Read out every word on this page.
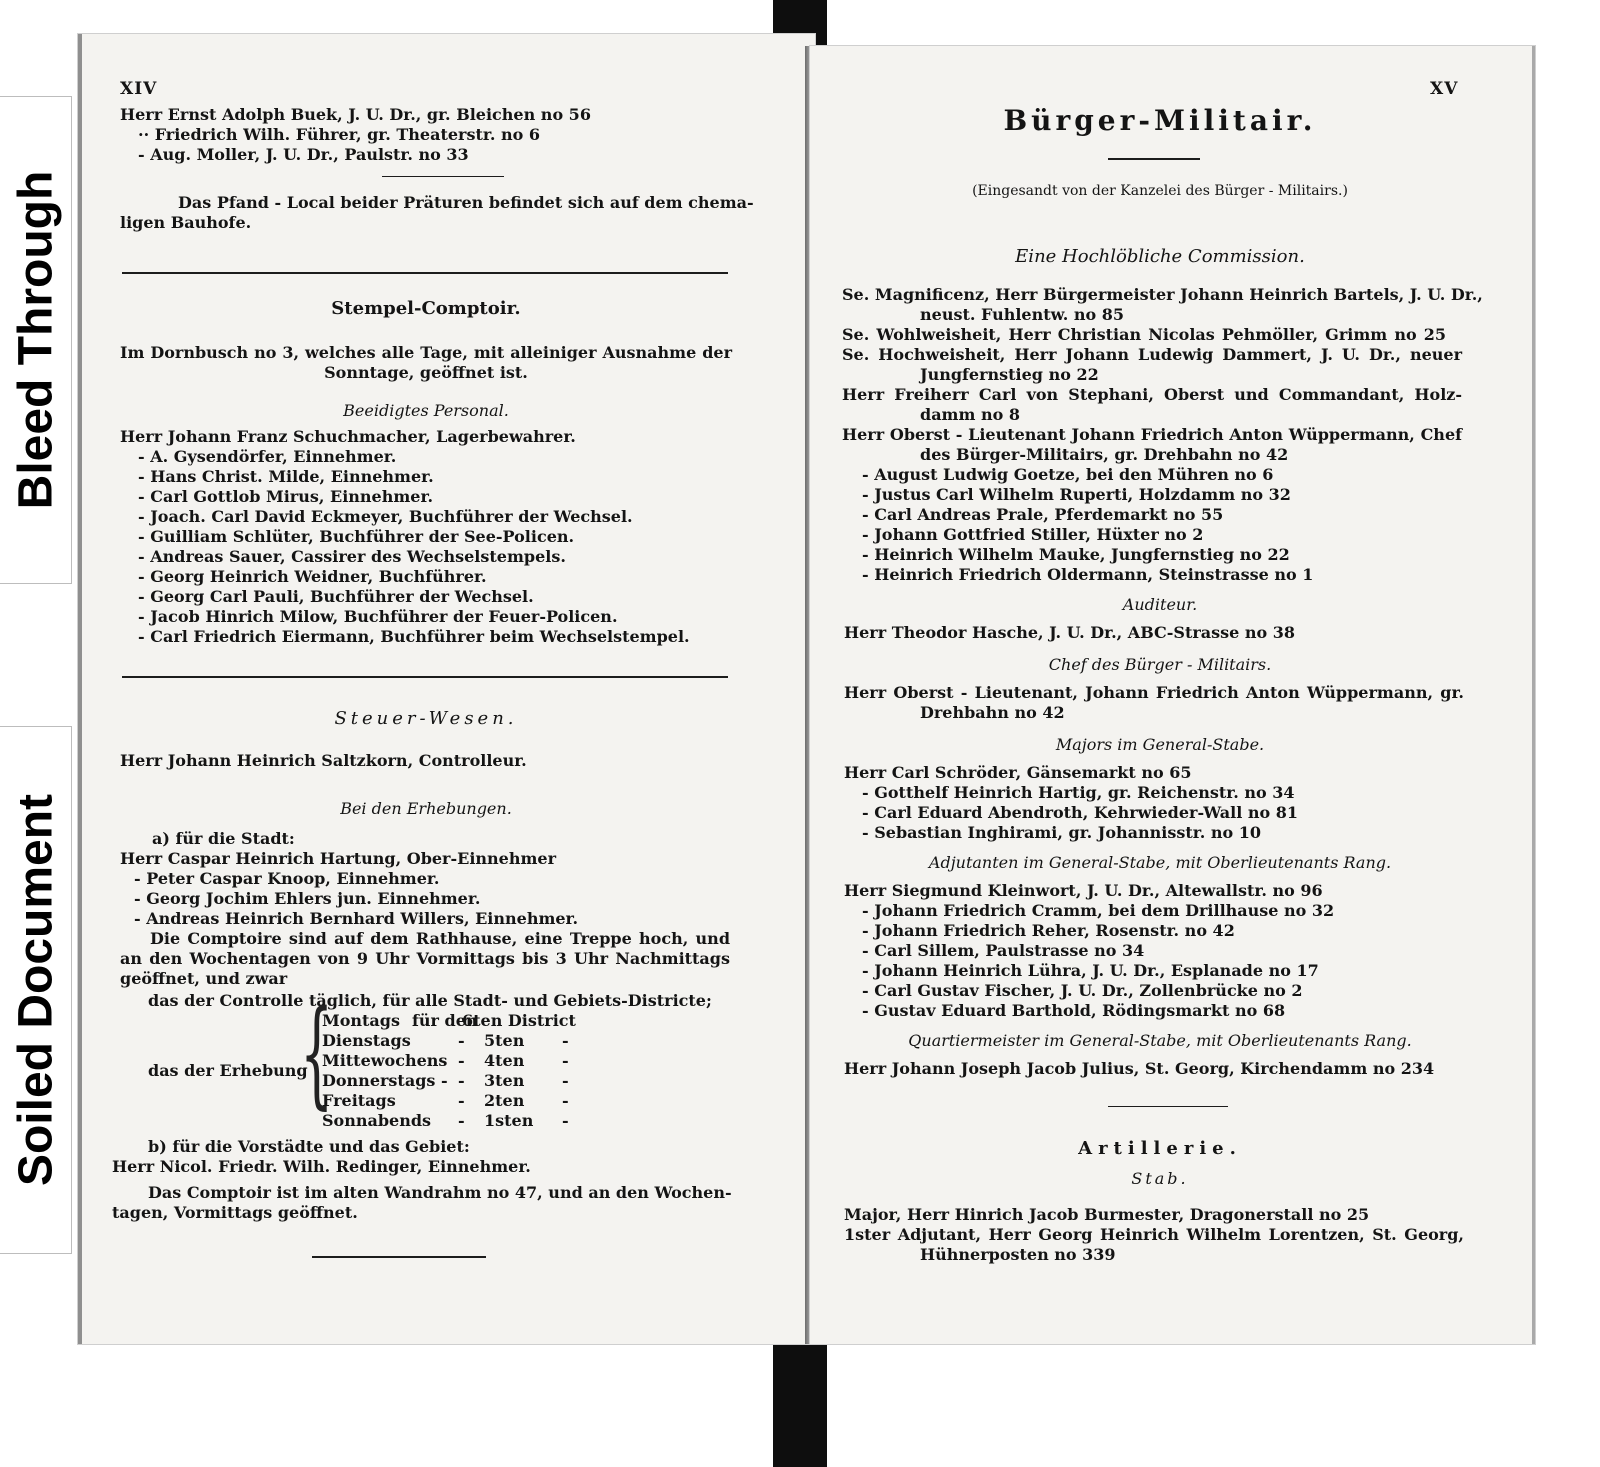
Bleed Through
Soiled Document
XIV
Herr Ernst Adolph Buek, J. U. Dr., gr. Bleichen no 56
·· Friedrich Wilh. Führer, gr. Theaterstr. no 6
- Aug. Moller, J. U. Dr., Paulstr. no 33
Das Pfand - Local beider Präturen befindet sich auf dem chema-
ligen Bauhofe.
Stempel-Comptoir.
Im Dornbusch no 3, welches alle Tage, mit alleiniger Ausnahme der
Sonntage, geöffnet ist.
Beeidigtes Personal.
Herr Johann Franz Schuchmacher, Lagerbewahrer.
- A. Gysendörfer, Einnehmer.
- Hans Christ. Milde, Einnehmer.
- Carl Gottlob Mirus, Einnehmer.
- Joach. Carl David Eckmeyer, Buchführer der Wechsel.
- Guilliam Schlüter, Buchführer der See-Policen.
- Andreas Sauer, Cassirer des Wechselstempels.
- Georg Heinrich Weidner, Buchführer.
- Georg Carl Pauli, Buchführer der Wechsel.
- Jacob Hinrich Milow, Buchführer der Feuer-Policen.
- Carl Friedrich Eiermann, Buchführer beim Wechselstempel.
Steuer-Wesen.
Herr Johann Heinrich Saltzkorn, Controlleur.
Bei den Erhebungen.
a) für die Stadt:
Herr Caspar Heinrich Hartung, Ober-Einnehmer
- Peter Caspar Knoop, Einnehmer.
- Georg Jochim Ehlers jun. Einnehmer.
- Andreas Heinrich Bernhard Willers, Einnehmer.
Die Comptoire sind auf dem Rathhause, eine Treppe hoch, und
an den Wochentagen von 9 Uhr Vormittags bis 3 Uhr Nachmittags
geöffnet, und zwar
das der Controlle täglich, für alle Stadt- und Gebiets-Districte;
das der Erhebung
{
Montags für den
6ten District
Dienstags	- 5ten -
Mittewochens - 4ten -
Donnerstags - - 3ten -
Freitags	- 2ten -
Sonnabends - 1sten -
b) für die Vorstädte und das Gebiet:
Herr Nicol. Friedr. Wilh. Redinger, Einnehmer.
Das Comptoir ist im alten Wandrahm no 47, und an den Wochen-
tagen, Vormittags geöffnet.
XV
Bürger-Militair.
(Eingesandt von der Kanzelei des Bürger - Militairs.)
Eine Hochlöbliche Commission.
Se. Magnificenz, Herr Bürgermeister Johann Heinrich Bartels, J. U. Dr.,
neust. Fuhlentw. no 85
Se. Wohlweisheit, Herr Christian Nicolas Pehmöller, Grimm no 25
Se. Hochweisheit, Herr Johann Ludewig Dammert, J. U. Dr., neuer
Jungfernstieg no 22
Herr Freiherr Carl von Stephani, Oberst und Commandant, Holz-
damm no 8
Herr Oberst - Lieutenant Johann Friedrich Anton Wüppermann, Chef
des Bürger-Militairs, gr. Drehbahn no 42
- August Ludwig Goetze, bei den Mühren no 6
- Justus Carl Wilhelm Ruperti, Holzdamm no 32
- Carl Andreas Prale, Pferdemarkt no 55
- Johann Gottfried Stiller, Hüxter no 2
- Heinrich Wilhelm Mauke, Jungfernstieg no 22
- Heinrich Friedrich Oldermann, Steinstrasse no 1
Auditeur.
Herr Theodor Hasche, J. U. Dr., ABC-Strasse no 38
Chef des Bürger - Militairs.
Herr Oberst - Lieutenant, Johann Friedrich Anton Wüppermann, gr.
Drehbahn no 42
Majors im General-Stabe.
Herr Carl Schröder, Gänsemarkt no 65
- Gotthelf Heinrich Hartig, gr. Reichenstr. no 34
- Carl Eduard Abendroth, Kehrwieder-Wall no 81
- Sebastian Inghirami, gr. Johannisstr. no 10
Adjutanten im General-Stabe, mit Oberlieutenants Rang.
Herr Siegmund Kleinwort, J. U. Dr., Altewallstr. no 96
- Johann Friedrich Cramm, bei dem Drillhause no 32
- Johann Friedrich Reher, Rosenstr. no 42
- Carl Sillem, Paulstrasse no 34
- Johann Heinrich Lühra, J. U. Dr., Esplanade no 17
- Carl Gustav Fischer, J. U. Dr., Zollenbrücke no 2
- Gustav Eduard Barthold, Rödingsmarkt no 68
Quartiermeister im General-Stabe, mit Oberlieutenants Rang.
Herr Johann Joseph Jacob Julius, St. Georg, Kirchendamm no 234
Artillerie.
Stab.
Major, Herr Hinrich Jacob Burmester, Dragonerstall no 25
1ster Adjutant, Herr Georg Heinrich Wilhelm Lorentzen, St. Georg,
Hühnerposten no 339
